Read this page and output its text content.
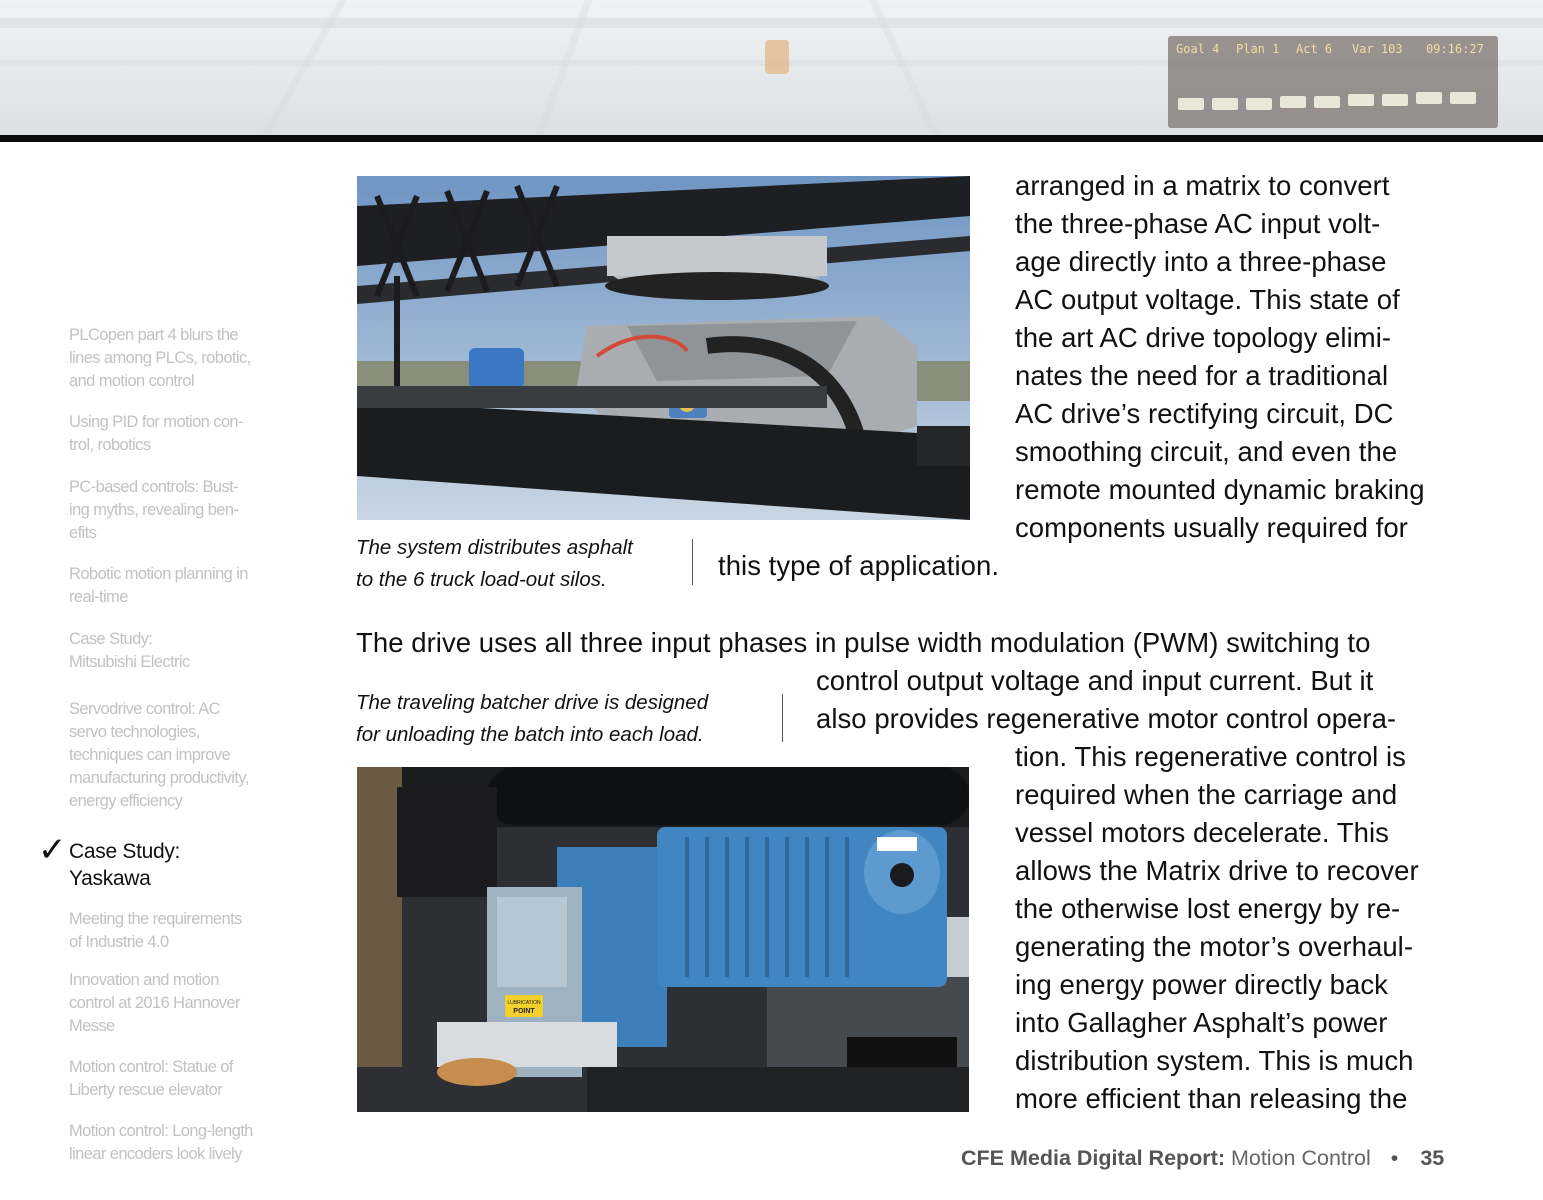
Goal 4 Plan 1 Act 6 Var 103 09:16:27
PLCopen part 4 blurs the
lines among PLCs, robotic,
and motion control
Using PID for motion con-
trol, robotics
PC-based controls: Bust-
ing myths, revealing ben-
efits
Robotic motion planning in
real-time
Case Study:
Mitsubishi Electric
Servodrive control: AC
servo technologies,
techniques can improve
manufacturing productivity,
energy efficiency
✓ Case Study:
Yaskawa
Meeting the requirements
of Industrie 4.0
Innovation and motion
control at 2016 Hannover
Messe
Motion control: Statue of
Liberty rescue elevator
Motion control: Long-length
linear encoders look lively
The system distributes asphalt
to the 6 truck load-out silos.
The traveling batcher drive is designed
for unloading the batch into each load.
LUBRICATION
POINT
arranged in a matrix to convert
the three-phase AC input volt-
age directly into a three-phase
AC output voltage. This state of
the art AC drive topology elimi-
nates the need for a traditional
AC drive’s rectifying circuit, DC
smoothing circuit, and even the
remote mounted dynamic braking
components usually required for
this type of application.
The drive uses all three input phases in pulse width modulation (PWM) switching to
control output voltage and input current. But it
also provides regenerative motor control opera-
tion. This regenerative control is
required when the carriage and
vessel motors decelerate. This
allows the Matrix drive to recover
the otherwise lost energy by re-
generating the motor’s overhaul-
ing energy power directly back
into Gallagher Asphalt’s power
distribution system. This is much
more efficient than releasing the
CFE Media Digital Report: Motion Control • 35
